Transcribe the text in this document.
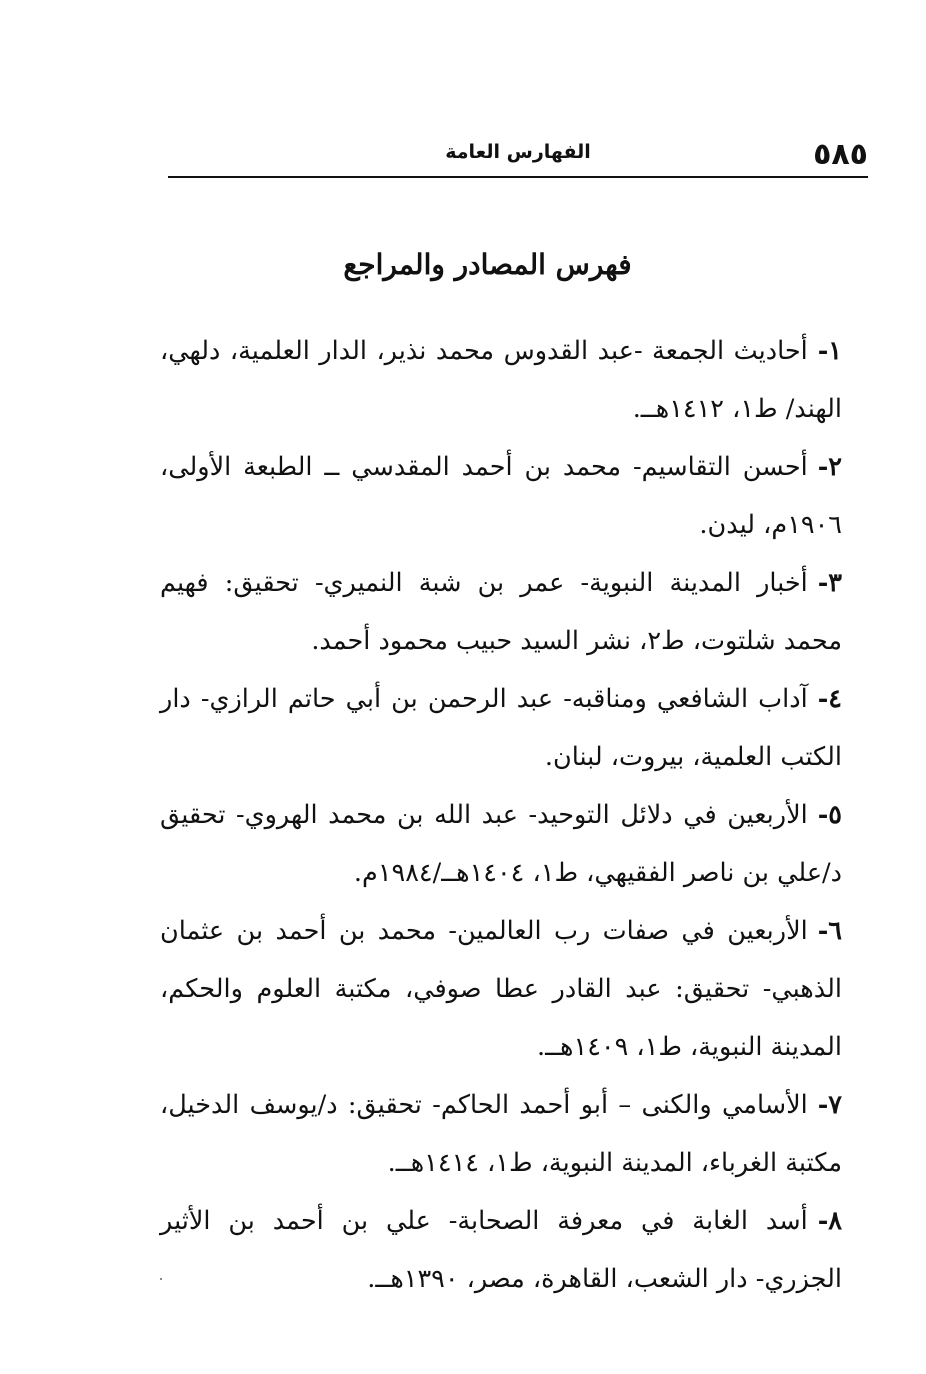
٥٨٥
الفهارس العامة
فهرس المصادر والمراجع
١-أحاديث الجمعة -عبد القدوس محمد نذير، الدار العلمية، دلهي، الهند/ ط١، ١٤١٢هــ.
٢-أحسن التقاسيم- محمد بن أحمد المقدسي ــ الطبعة الأولى، ١٩٠٦م، ليدن.
٣-أخبار المدينة النبوية- عمر بن شبة النميري- تحقيق: فهيم محمد شلتوت، ط٢، نشر السيد حبيب محمود أحمد.
٤-آداب الشافعي ومناقبه- عبد الرحمن بن أبي حاتم الرازي- دار الكتب العلمية، بيروت، لبنان.
٥-الأربعين في دلائل التوحيد- عبد الله بن محمد الهروي- تحقيق د/علي بن ناصر الفقيهي، ط١، ١٤٠٤هــ/١٩٨٤م.
٦-الأربعين في صفات رب العالمين- محمد بن أحمد بن عثمان الذهبي- تحقيق: عبد القادر عطا صوفي، مكتبة العلوم والحكم، المدينة النبوية، ط١، ١٤٠٩هــ.
٧-الأسامي والكنى – أبو أحمد الحاكم- تحقيق: د/يوسف الدخيل، مكتبة الغرباء، المدينة النبوية، ط١، ١٤١٤هــ.
٨-أسد الغابة في معرفة الصحابة- علي بن أحمد بن الأثير الجزري- دار الشعب، القاهرة، مصر، ١٣٩٠هــ.
